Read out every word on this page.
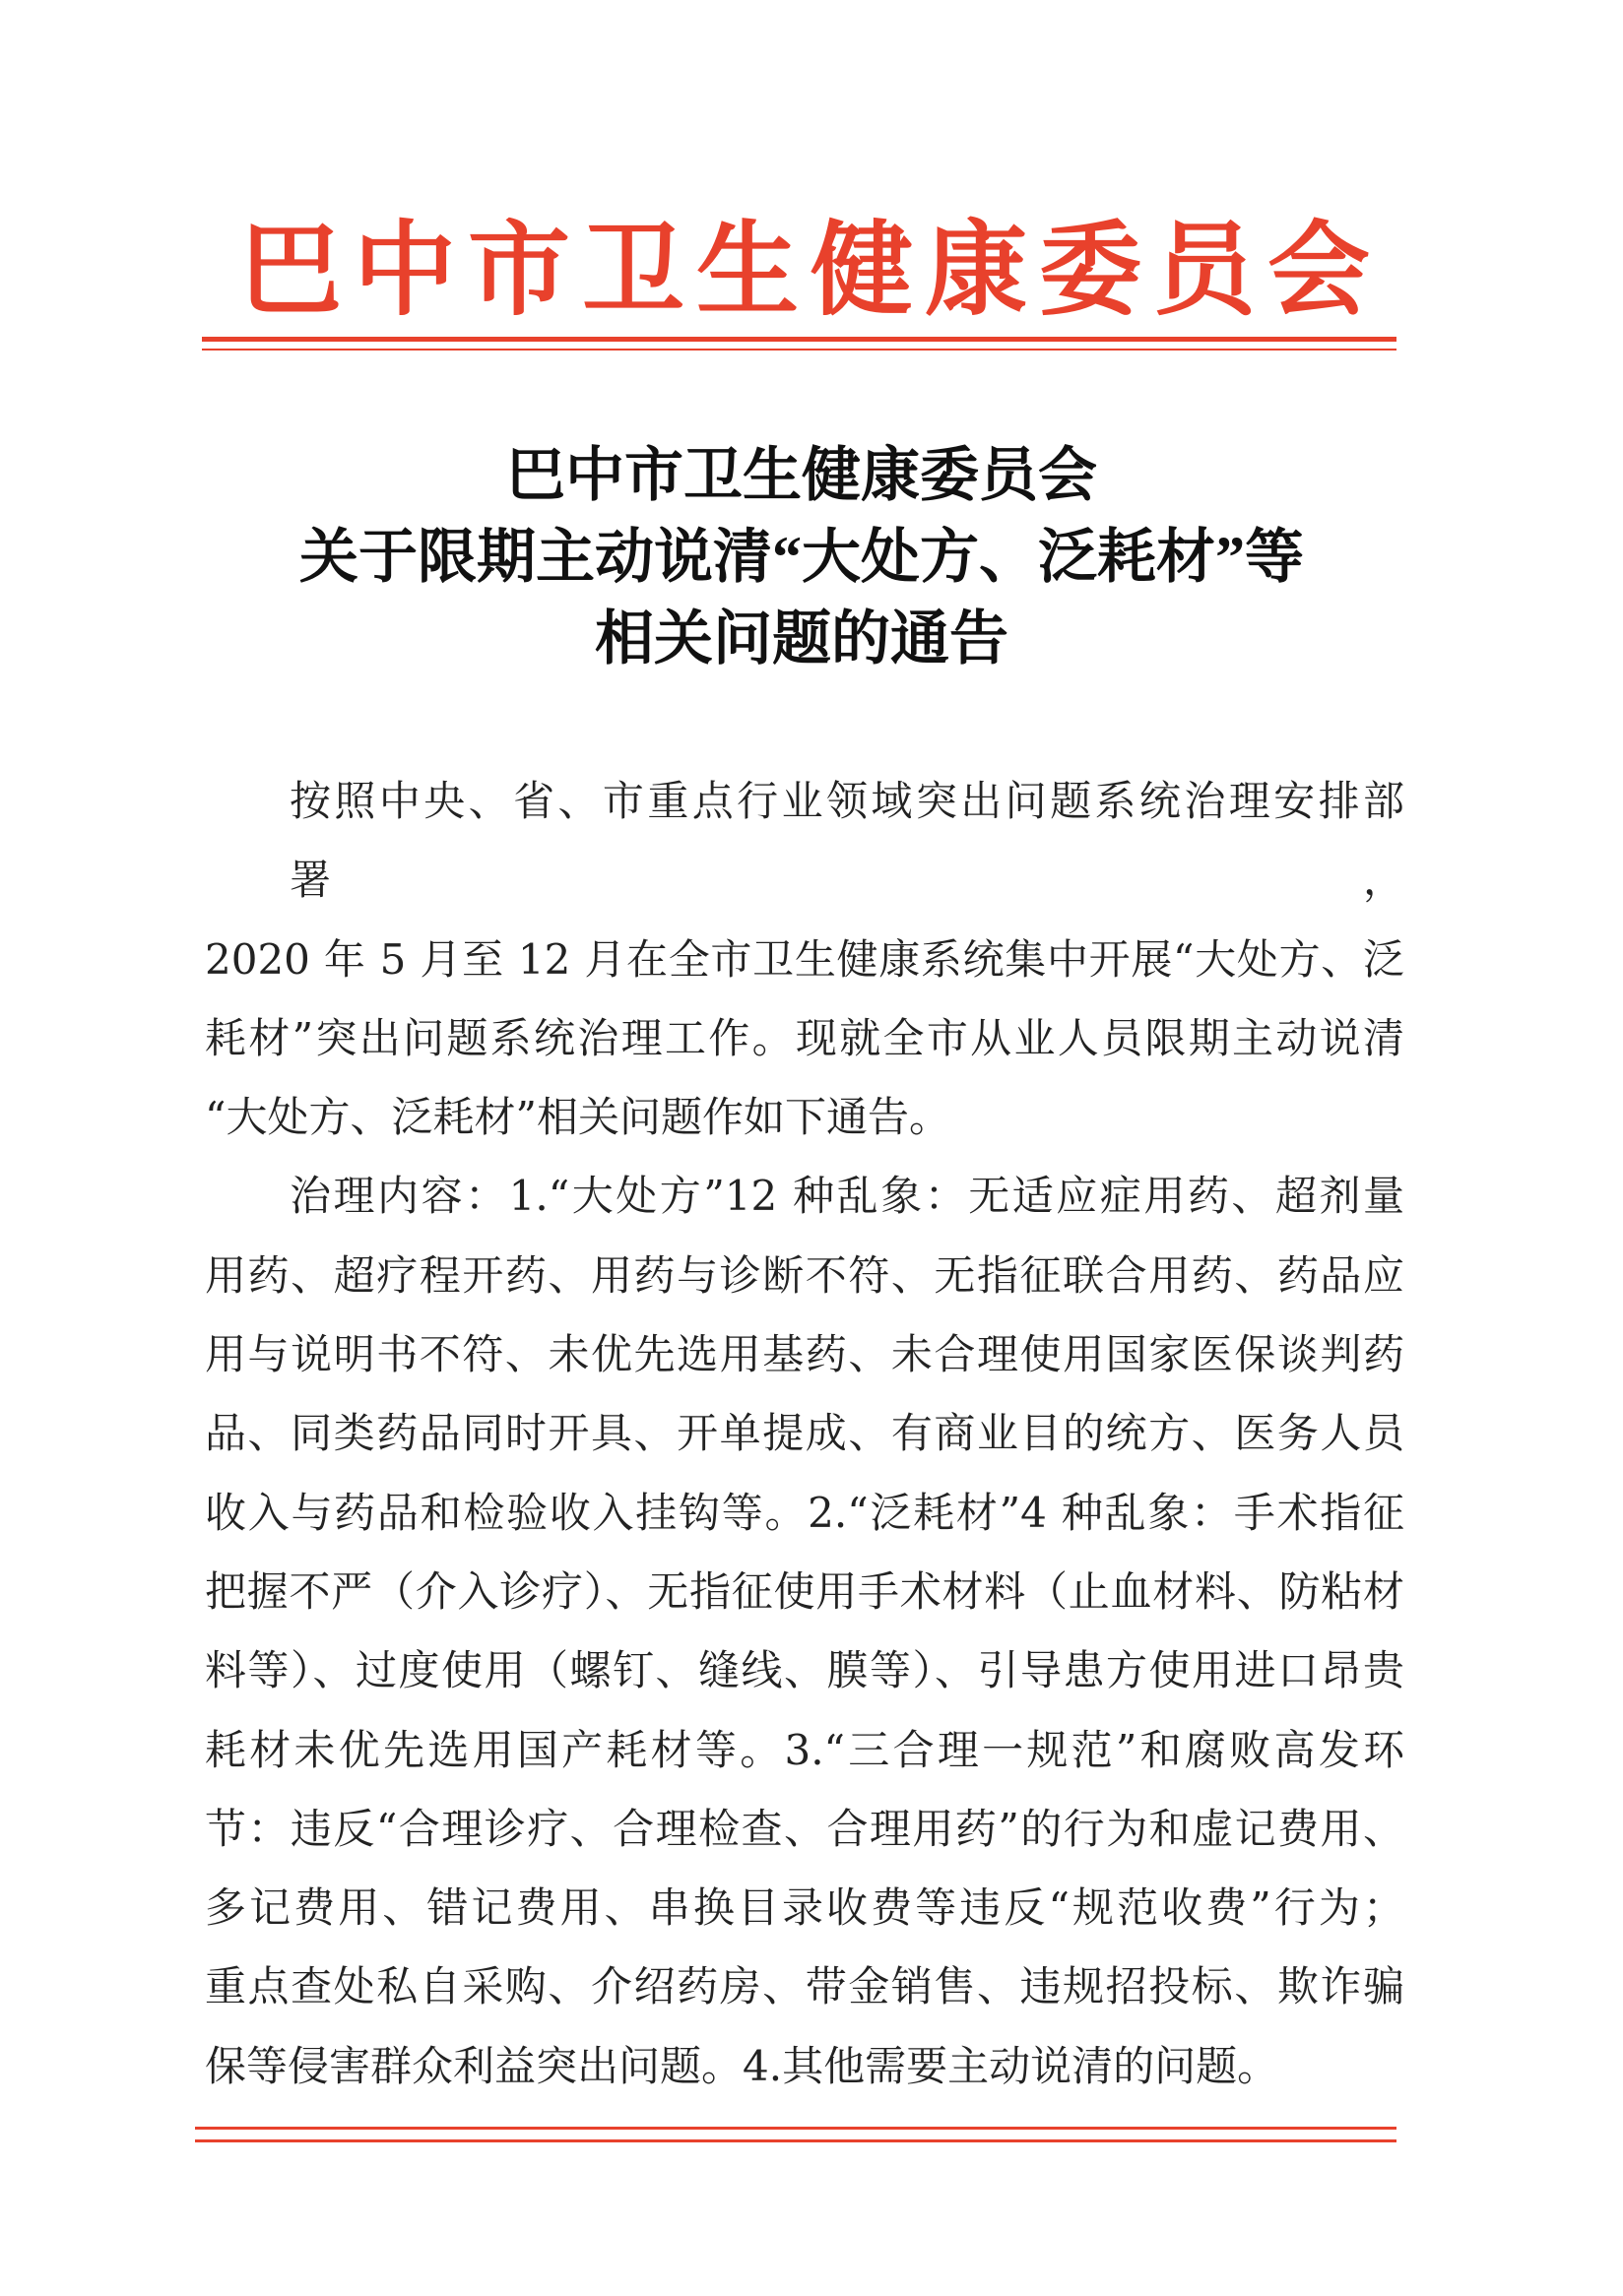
巴中市卫生健康委员会
巴中市卫生健康委员会
关于限期主动说清“大处方、泛耗材”等
相关问题的通告
按照中央、省、市重点行业领域突出问题系统治理安排部署，
2020 年 5 月至 12 月在全市卫生健康系统集中开展“大处方、泛
耗材”突出问题系统治理工作。现就全市从业人员限期主动说清
“大处方、泛耗材”相关问题作如下通告。
治理内容：1.“大处方”12 种乱象：无适应症用药、超剂量
用药、超疗程开药、用药与诊断不符、无指征联合用药、药品应
用与说明书不符、未优先选用基药、未合理使用国家医保谈判药
品、同类药品同时开具、开单提成、有商业目的统方、医务人员
收入与药品和检验收入挂钩等。2.“泛耗材”4 种乱象：手术指征
把握不严（介入诊疗）、无指征使用手术材料（止血材料、防粘材
料等）、过度使用（螺钉、缝线、膜等）、引导患方使用进口昂贵
耗材未优先选用国产耗材等。3.“三合理一规范”和腐败高发环
节：违反“合理诊疗、合理检查、合理用药”的行为和虚记费用、
多记费用、错记费用、串换目录收费等违反“规范收费”行为；
重点查处私自采购、介绍药房、带金销售、违规招投标、欺诈骗
保等侵害群众利益突出问题。4.其他需要主动说清的问题。
